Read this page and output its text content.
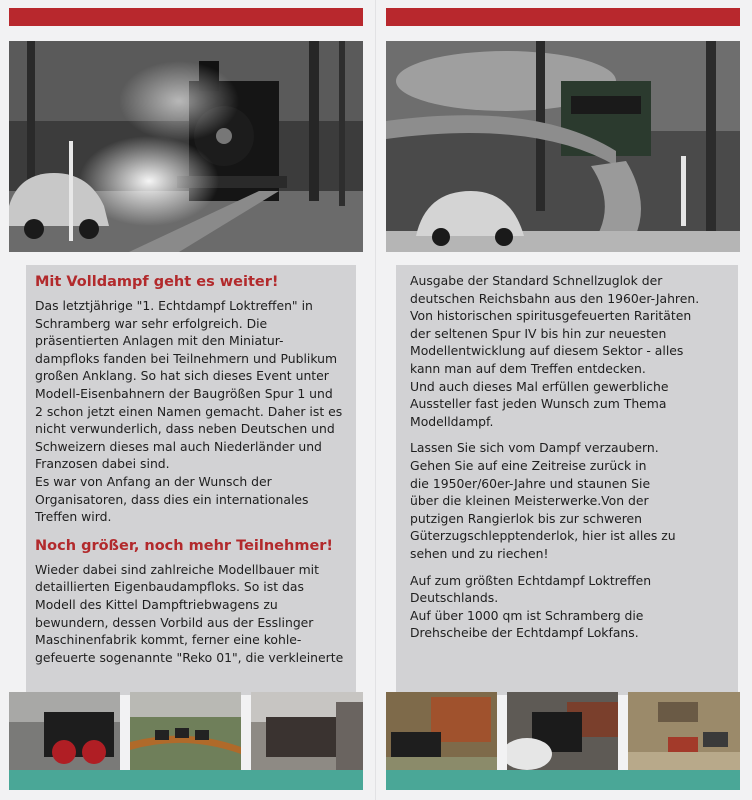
Mit Volldampf geht es weiter!

Das letztjährige "1. Echtdampf Loktreffen" in
Schramberg war sehr erfolgreich. Die
präsentierten Anlagen mit den Miniatur-
dampfloks fanden bei Teilnehmern und Publikum
großen Anklang. So hat sich dieses Event unter
Modell-Eisenbahnern der Baugrößen Spur 1 und
2 schon jetzt einen Namen gemacht. Daher ist es
nicht verwunderlich, dass neben Deutschen und
Schweizern dieses mal auch Niederländer und
Franzosen dabei sind.
Es war von Anfang an der Wunsch der
Organisatoren, dass dies ein internationales
Treffen wird.

Noch größer, noch mehr Teilnehmer!

Wieder dabei sind zahlreiche Modellbauer mit
detaillierten Eigenbaudampfloks. So ist das
Modell des Kittel Dampftriebwagens zu
bewundern, dessen Vorbild aus der Esslinger
Maschinenfabrik kommt, ferner eine kohle-
gefeuerte sogenannte "Reko 01", die verkleinerte

Ausgabe der Standard Schnellzuglok der
deutschen Reichsbahn aus den 1960er-Jahren.
Von historischen spiritusgefeuerten Raritäten
der seltenen Spur IV bis hin zur neuesten
Modellentwicklung auf diesem Sektor - alles
kann man auf dem Treffen entdecken.
Und auch dieses Mal erfüllen gewerbliche
Aussteller fast jeden Wunsch zum Thema
Modelldampf.

Lassen Sie sich vom Dampf verzaubern.
Gehen Sie auf eine Zeitreise zurück in
die 1950er/60er-Jahre und staunen Sie
über die kleinen Meisterwerke.Von der
putzigen Rangierlok bis zur schweren
Güterzugschlepptenderlok, hier ist alles zu
sehen und zu riechen!

Auf zum größten Echtdampf Loktreffen
Deutschlands.
Auf über 1000 qm ist Schramberg die
Drehscheibe der Echtdampf Lokfans.
